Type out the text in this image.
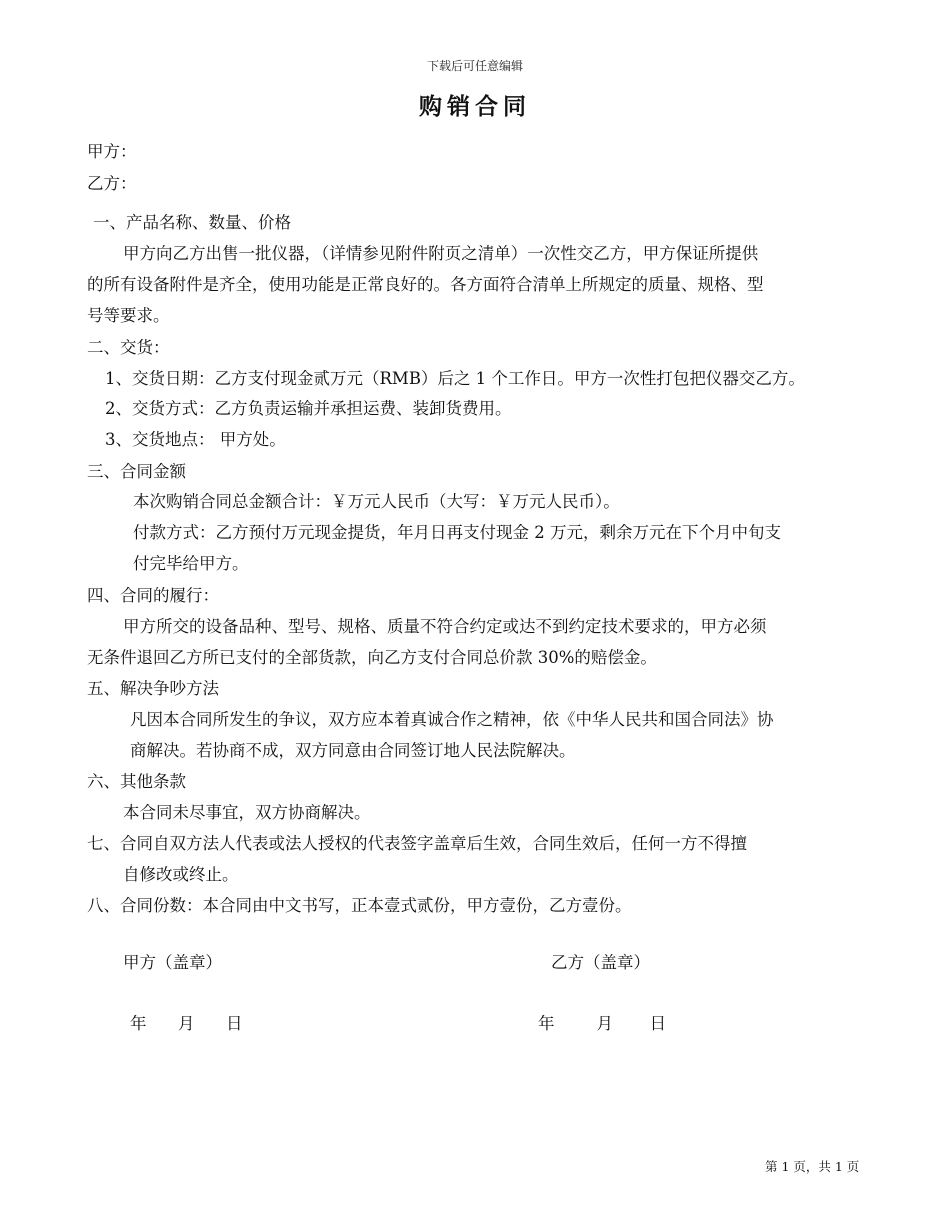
下载后可任意编辑
购销合同
甲方：
乙方：
一、产品名称、数量、价格
甲方向乙方出售一批仪器，（详情参见附件附页之清单）一次性交乙方，甲方保证所提供
的所有设备附件是齐全，使用功能是正常良好的。各方面符合清单上所规定的质量、规格、型
号等要求。
二、交货：
1、交货日期：乙方支付现金贰万元（RMB）后之 1 个工作日。甲方一次性打包把仪器交乙方。
2、交货方式：乙方负责运输并承担运费、装卸货费用。
3、交货地点： 甲方处。
三、合同金额
本次购销合同总金额合计：￥万元人民币（大写：￥万元人民币）。
付款方式：乙方预付万元现金提货，年月日再支付现金 2 万元，剩余万元在下个月中旬支
付完毕给甲方。
四、合同的履行：
甲方所交的设备品种、型号、规格、质量不符合约定或达不到约定技术要求的，甲方必须
无条件退回乙方所已支付的全部货款，向乙方支付合同总价款 30%的赔偿金。
五、解决争吵方法
凡因本合同所发生的争议，双方应本着真诚合作之精神，依《中华人民共和国合同法》协
商解决。若协商不成，双方同意由合同签订地人民法院解决。
六、其他条款
本合同未尽事宜，双方协商解决。
七、合同自双方法人代表或法人授权的代表签字盖章后生效，合同生效后，任何一方不得擅
自修改或终止。
八、合同份数：本合同由中文书写，正本壹式贰份，甲方壹份，乙方壹份。
甲方（盖章）	乙方（盖章）
年      月      日	年        月       日
第 1 页，共 1 页
